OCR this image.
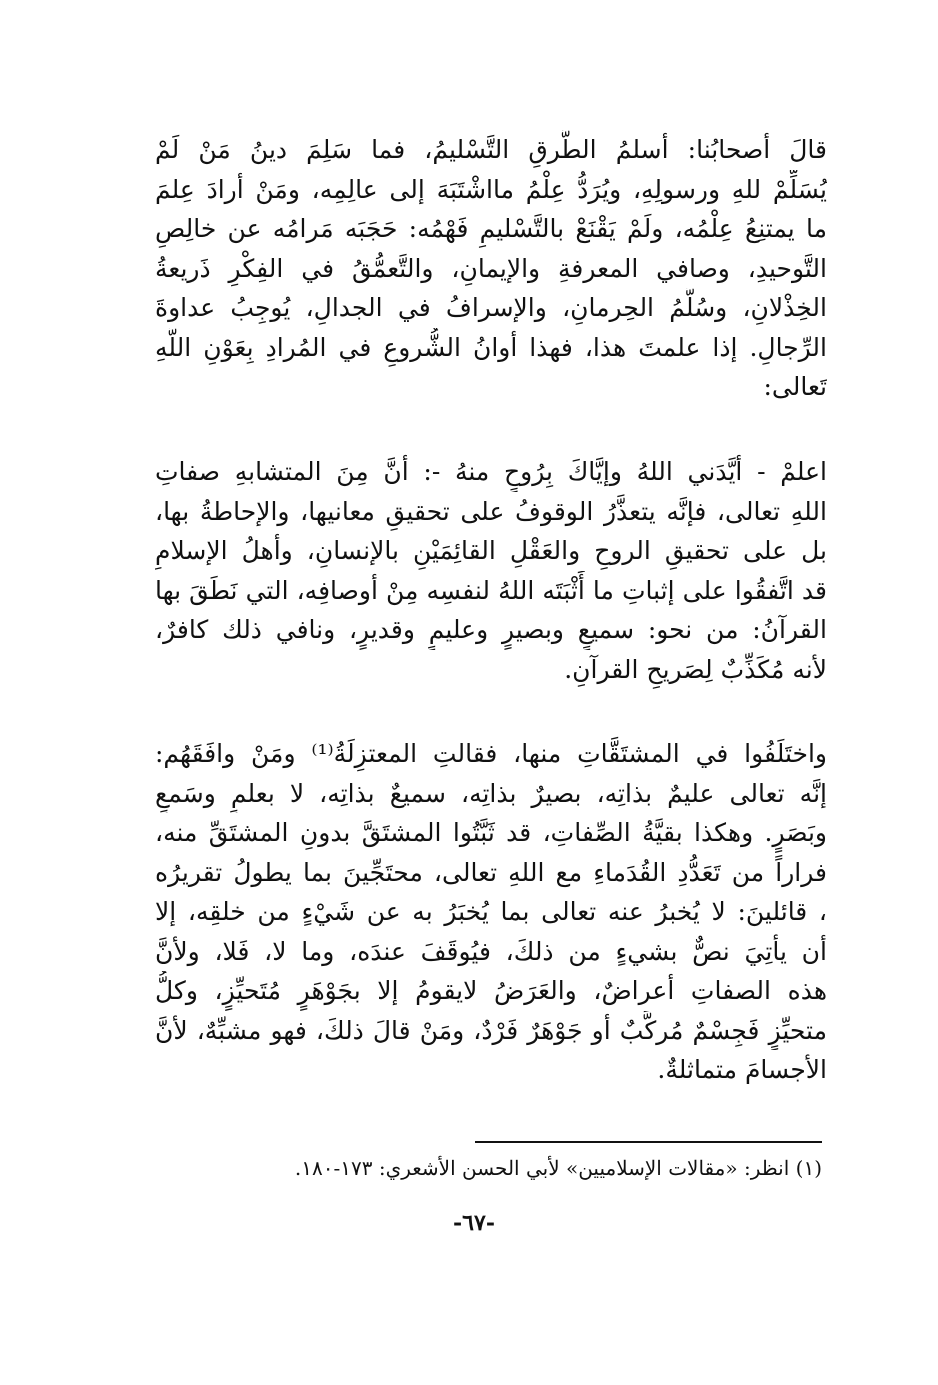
قالَ أصحابُنا: أسلمُ الطُّرقِ التَّسْليمُ، فما سَلِمَ دينُ مَنْ لَمْ
يُسَلِّمْ للهِ ورسولِهِ، ويُرَدُّ عِلْمُ مااشْتَبَهَ إلى عالِمِه، ومَنْ أرادَ عِلمَ
ما يمتنِعُ عِلْمُه، ولَمْ يَقْنَعْ بالتَّسْليمِ فَهْمُه: حَجَبَه مَرامُه عن خالِصِ
التَّوحيدِ، وصافي المعرفةِ والإيمانِ، والتَّعمُّقُ في الفِكْرِ ذَريعةُ
الخِذْلانِ، وسُلَّمُ الحِرمانِ، والإسرافُ في الجدالِ، يُوجِبُ عداوةَ
الرِّجالِ. إذا علمتَ هذا، فهذا أوانُ الشُّروعِ في المُرادِ بِعَوْنِ اللَّهِ
تَعالى:
اعلمْ - أيَّدَني اللهُ وإيَّاكَ بِرُوحٍ منهُ -: أنَّ مِنَ المتشابهِ صفاتِ
اللهِ تعالى، فإنَّه يتعذَّرُ الوقوفُ على تحقيقِ معانيها، والإحاطةُ بها،
بل على تحقيقِ الروحِ والعَقْلِ القائِمَيْنِ بالإنسانِ، وأهلُ الإسلامِ
قد اتَّفقُوا على إثباتِ ما أَثْبَتَه اللهُ لنفسِه مِنْ أوصافِه، التي نَطَقَ بها
القرآنُ: من نحو: سميعٍ وبصيرٍ وعليمٍ وقديرٍ، ونافي ذلك كافرٌ،
لأنه مُكَذِّبٌ لِصَريحِ القرآنِ.
واختَلَفُوا في المشتَقَّاتِ منها، فقالتِ المعتزِلَةُ⁽¹⁾ ومَنْ وافَقَهُم:
إنَّه تعالى عليمٌ بذاتِه، بصيرٌ بذاتِه، سميعٌ بذاتِه، لا بعلمٍ وسَمعٍ
وبَصَرٍ. وهكذا بقيَّةُ الصِّفاتِ، قد ثَبَّتُوا المشتَقَّ بدونِ المشتَقِّ منه،
فراراً من تَعَدُّدِ القُدَماءِ مع اللهِ تعالى، محتَجِّينَ بما يطولُ تقريرُه
، قائلينَ: لا يُخبرُ عنه تعالى بما يُخبَرُ به عن شَيْءٍ من خلقِه، إلا
أن يأتِيَ نصٌّ بشيءٍ من ذلكَ، فيُوقَفَ عندَه، وما لا، فَلا، ولأنَّ
هذه الصفاتِ أعراضٌ، والعَرَضُ لايقومُ إلا بجَوْهَرٍ مُتَحيِّزٍ، وكلُّ
متحيِّزٍ فَجِسْمٌ مُركَّبٌ أو جَوْهَرٌ فَرْدٌ، ومَنْ قالَ ذلكَ، فهو مشبِّهٌ، لأنَّ
الأجسامَ متماثلةٌ.
(١) انظر: «مقالات الإسلاميين» لأبي الحسن الأشعري: ١٧٣-١٨٠.
-٦٧-
